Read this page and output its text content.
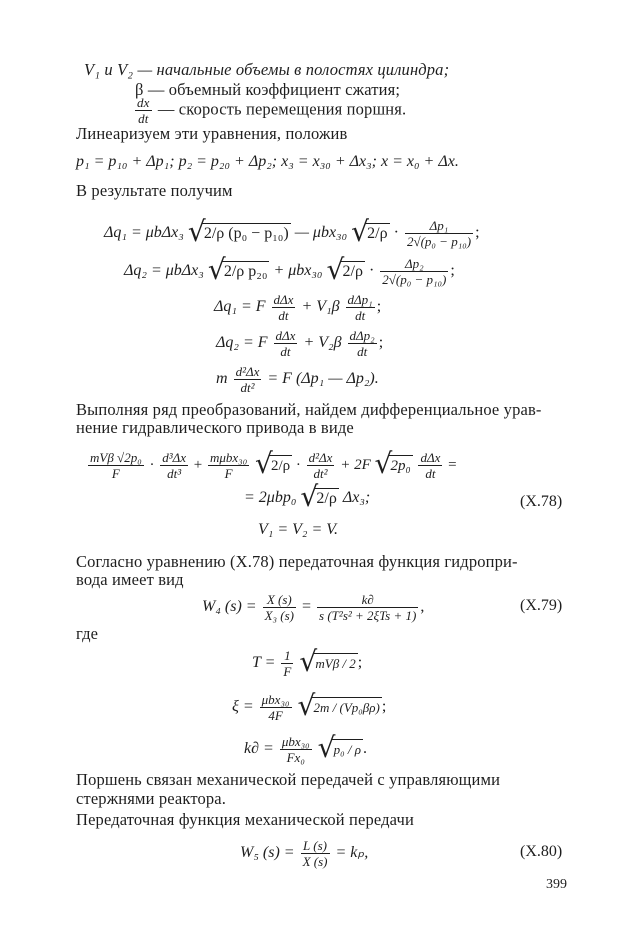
V₁ и V₂ — начальные объемы в полостях цилиндра;
β — объемный коэффициент сжатия;
$\frac{dx}{dt}$ — скорость перемещения поршня.
Линеаризуем эти уравнения, положив
p₁ = p₁₀ + Δp₁; p₂ = p₂₀ + Δp₂; x₃ = x₃₀ + Δx₃; x = x₀ + Δx.
В результате получим
Δq₁ = μbΔx₃ √ 2/ρ (p₀ − p₁₀) — μbx₃₀ √ $2/\rho \cdot \frac{\text{Δp₁}}{\text{2√(p₀ − p₁₀)}}$ ;
Δq₂ = μbΔx₃ √ 2/ρ p₂₀ + μbx₃₀ √ $2/\rho \cdot \frac{\text{Δp₂}}{\text{2√(p₀ − p₁₀)}}$ ;
Δq₁ = F $\frac{\text{dΔx}}{dt} + V_1\beta \frac{\text{dΔp₁}}{dt}$ ;
Δq₂ = F $\frac{\text{dΔx}}{dt} + V_2\beta \frac{\text{dΔp₂}}{dt}$ ;
m $\frac{\text{d²Δx}}{\text{dt²}} = F$ (Δp₁ — Δp₂).
Выполняя ряд преобразований, найдем дифференциальное урав-
нение гидравлического привода в виде
$\frac{\text{mVβ √2p₀}}{F} \cdot \frac{\text{d³Δx}}{\text{dt³}} + \frac{\text{mμbx₃₀}}{F}$ √ $2/\rho \cdot \frac{\text{d²Δx}}{\text{dt²}} + 2F$ √ $2p_0 \frac{\text{dΔx}}{dt}$ =
= 2μbp₀ √ 2/ρ Δx₃;	(X.78)
V₁ = V₂ = V.
Согласно уравнению (X.78) передаточная функция гидропри-
вода имеет вид
W₄ $(s) = \frac{X (s)}{\text{X₃ (s)}} = \frac{k\partial}{\text{s (T²s² + 2ξTs + 1)}}$ ,	(X.79)
где
$T = \frac{1}{F}$ √ mVβ / 2 ;
$\xi = \frac{\text{μbx₃₀}}{4F}$ √ 2m / (Vp₀βρ) ;
$k\partial = \frac{\text{μbx₃₀}}{\text{Fx₀}}$ √ p₀ / ρ .
Поршень связан механической передачей с управляющими
стержнями реактора.
Передаточная функция механической передачи
W₅ $(s) = \frac{L (s)}{X (s)} = k_p$,	(X.80)
399
